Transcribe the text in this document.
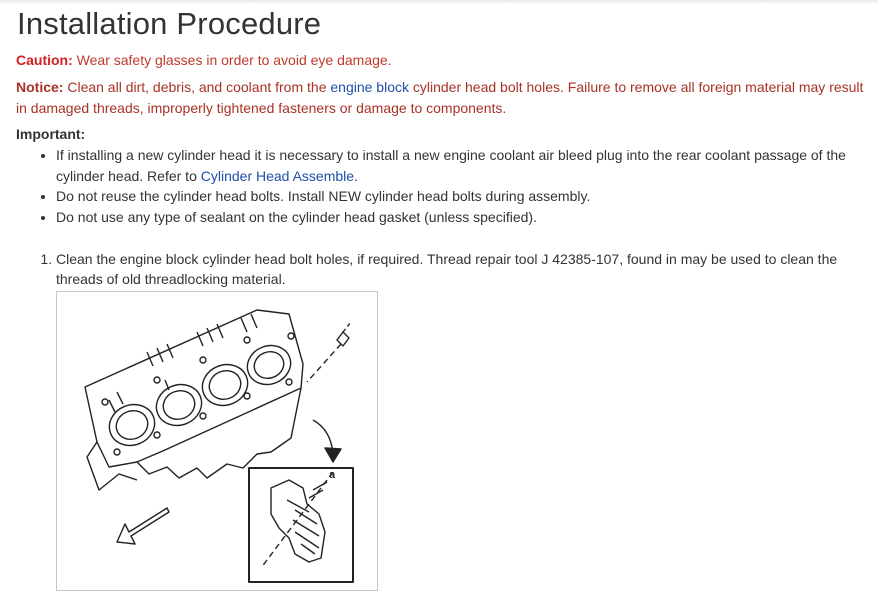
Installation Procedure
Caution: Wear safety glasses in order to avoid eye damage.
Notice: Clean all dirt, debris, and coolant from the engine block cylinder head bolt holes. Failure to remove all foreign material may result in damaged threads, improperly tightened fasteners or damage to components.
Important:
• If installing a new cylinder head it is necessary to install a new engine coolant air bleed plug into the rear coolant passage of the cylinder head. Refer to Cylinder Head Assemble.
• Do not reuse the cylinder head bolts. Install NEW cylinder head bolts during assembly.
• Do not use any type of sealant on the cylinder head gasket (unless specified).
1. Clean the engine block cylinder head bolt holes, if required. Thread repair tool J 42385-107, found in may be used to clean the threads of old threadlocking material.
a
